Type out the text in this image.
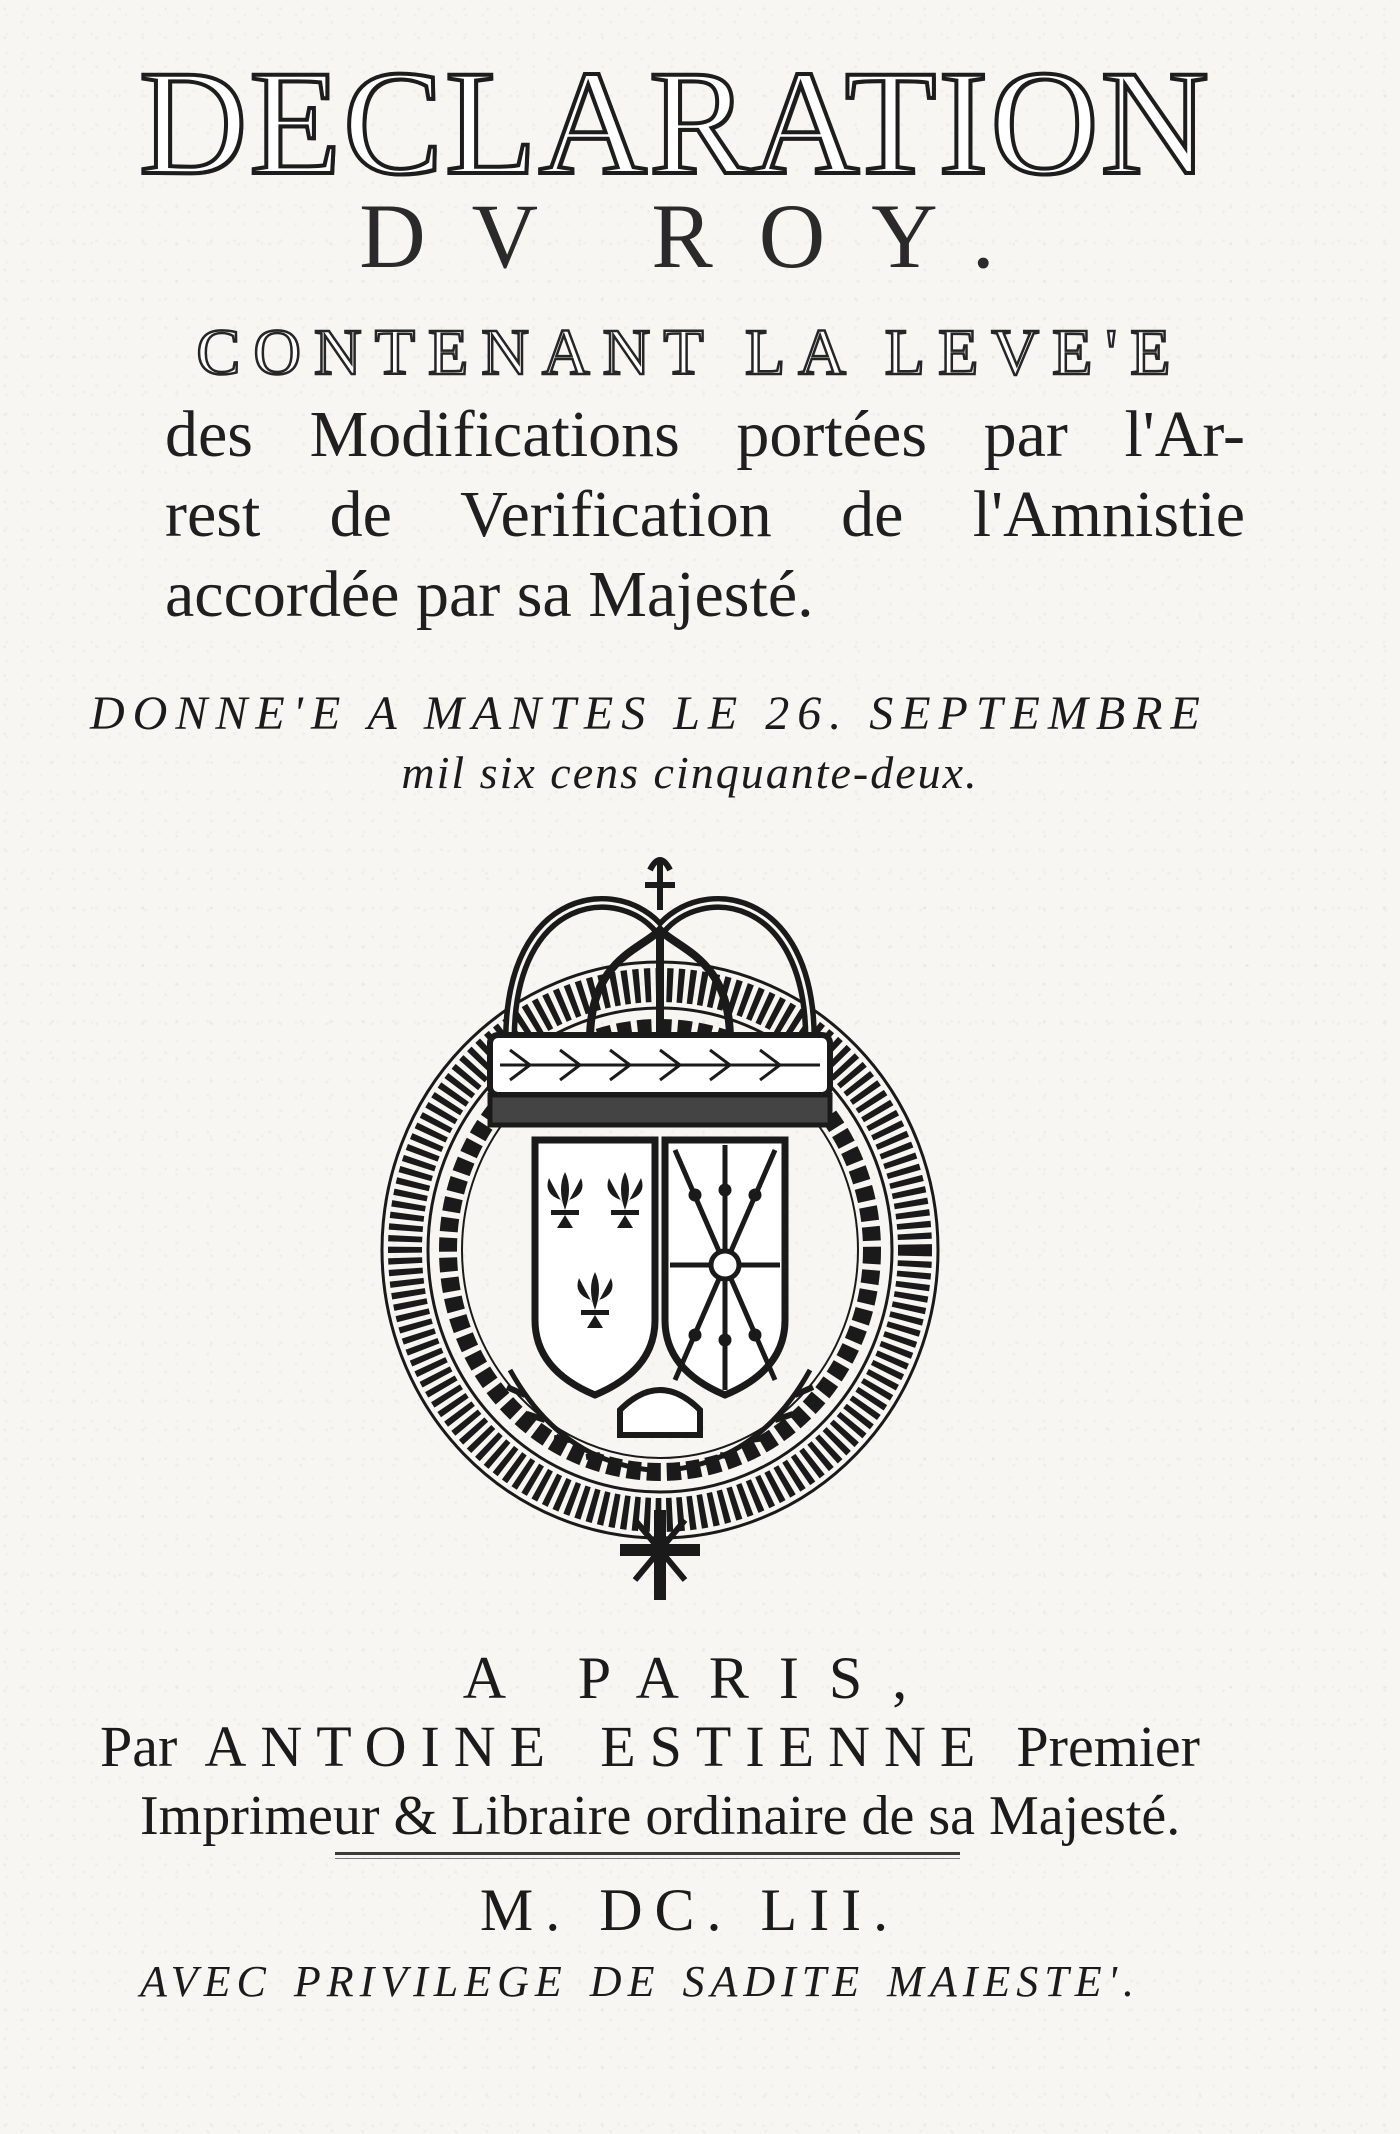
DECLARATION
DV ROY.
CONTENANT LA LEVE'E
des Modifications portées par l'Ar-
rest de Verification de l'Amnistie
accordée par sa Majesté.
DONNE'E A MANTES LE 26. SEPTEMBRE
mil six cens cinquante-deux.
A PARIS,
Par ANTOINE ESTIENNE Premier
Imprimeur & Libraire ordinaire de sa Majesté.
M. DC. LII.
AVEC PRIVILEGE DE SADITE MAIESTE'.
